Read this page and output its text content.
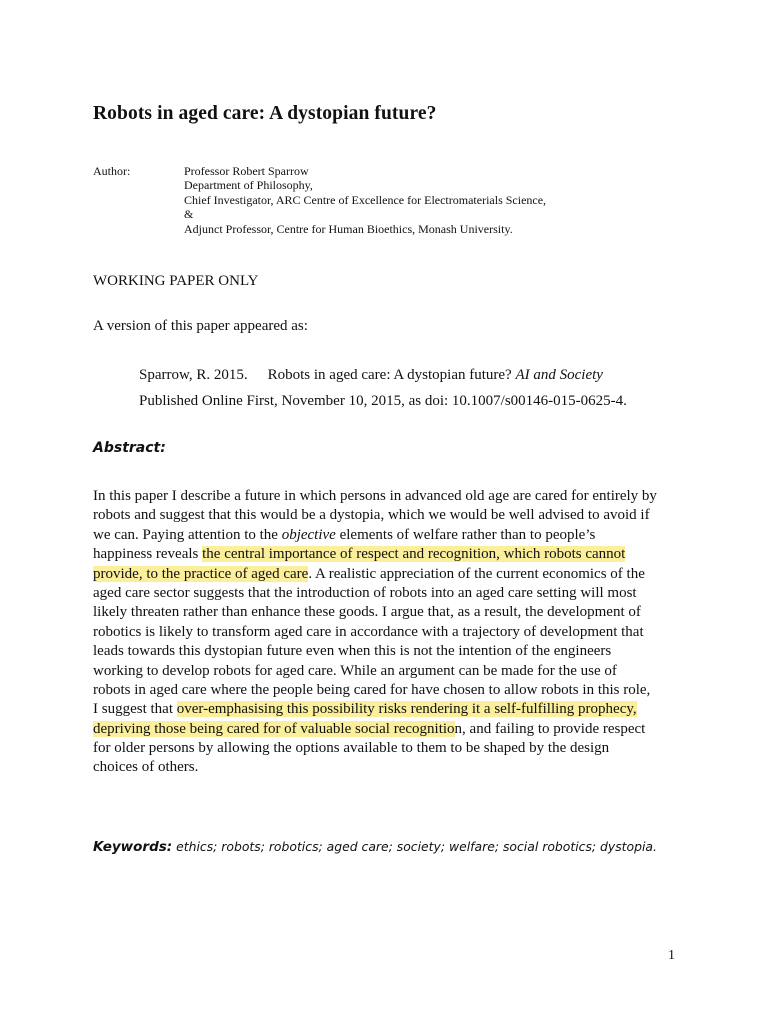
Robots in aged care: A dystopian future?
Author:	Professor Robert Sparrow
Department of Philosophy,
Chief Investigator, ARC Centre of Excellence for Electromaterials Science,
&
Adjunct Professor, Centre for Human Bioethics, Monash University.
WORKING PAPER ONLY
A version of this paper appeared as:
Sparrow, R. 2015. Robots in aged care: A dystopian future? AI and Society
Published Online First, November 10, 2015, as doi: 10.1007/s00146-015-0625-4.
Abstract:
In this paper I describe a future in which persons in advanced old age are cared for entirely by
robots and suggest that this would be a dystopia, which we would be well advised to avoid if
we can. Paying attention to the objective elements of welfare rather than to people’s
happiness reveals the central importance of respect and recognition, which robots cannot
provide, to the practice of aged care. A realistic appreciation of the current economics of the
aged care sector suggests that the introduction of robots into an aged care setting will most
likely threaten rather than enhance these goods. I argue that, as a result, the development of
robotics is likely to transform aged care in accordance with a trajectory of development that
leads towards this dystopian future even when this is not the intention of the engineers
working to develop robots for aged care. While an argument can be made for the use of
robots in aged care where the people being cared for have chosen to allow robots in this role,
I suggest that over-emphasising this possibility risks rendering it a self-fulfilling prophecy,
depriving those being cared for of valuable social recognition, and failing to provide respect
for older persons by allowing the options available to them to be shaped by the design
choices of others.
Keywords: ethics; robots; robotics; aged care; society; welfare; social robotics; dystopia.
1
